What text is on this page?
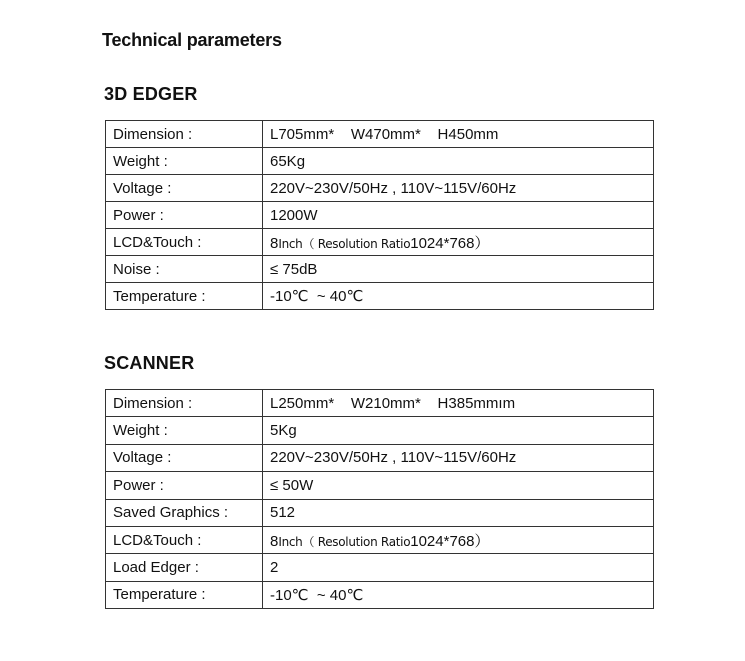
Technical parameters
3D EDGER
Dimension :	L705mm*    W470mm*    H450mm
Weight :	65Kg
Voltage :	220V~230V/50Hz , 110V~115V/60Hz
Power :	1200W
LCD&Touch :	8Inch（ Resolution Ratio1024*768）
Noise :	≤ 75dB
Temperature :	-10℃  ~ 40℃
SCANNER
Dimension :	L250mm*    W210mm*    H385mmım
Weight :	5Kg
Voltage :	220V~230V/50Hz , 110V~115V/60Hz
Power :	≤ 50W
Saved Graphics :	512
LCD&Touch :	8Inch（ Resolution Ratio1024*768）
Load Edger :	2
Temperature :	-10℃  ~ 40℃
